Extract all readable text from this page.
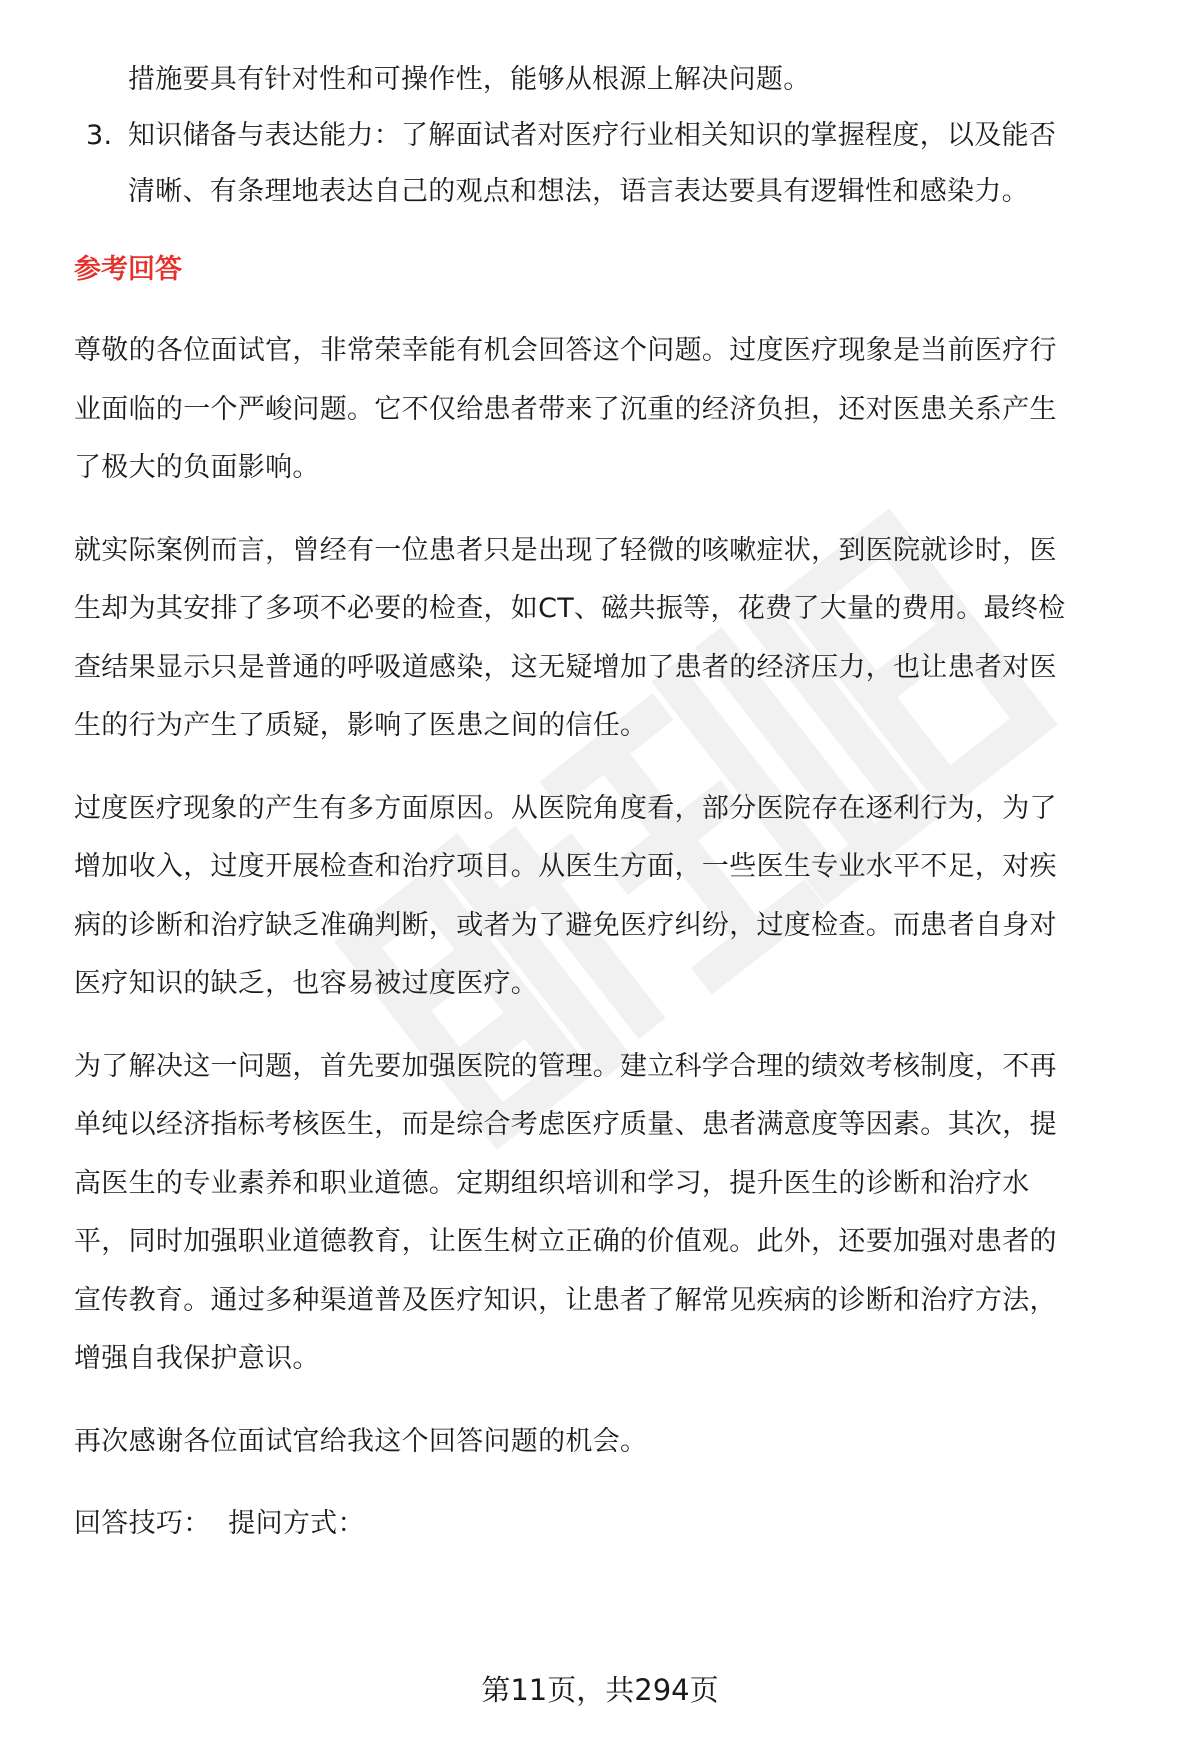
措施要具有针对性和可操作性，能够从根源上解决问题。
3. 知识储备与表达能力：了解面试者对医疗行业相关知识的掌握程度，以及能否
清晰、有条理地表达自己的观点和想法，语言表达要具有逻辑性和感染力。
参考回答
尊敬的各位面试官，非常荣幸能有机会回答这个问题。过度医疗现象是当前医疗行
业面临的一个严峻问题。它不仅给患者带来了沉重的经济负担，还对医患关系产生
了极大的负面影响。
就实际案例而言，曾经有一位患者只是出现了轻微的咳嗽症状，到医院就诊时，医
生却为其安排了多项不必要的检查，如CT、磁共振等，花费了大量的费用。最终检
查结果显示只是普通的呼吸道感染，这无疑增加了患者的经济压力，也让患者对医
生的行为产生了质疑，影响了医患之间的信任。
过度医疗现象的产生有多方面原因。从医院角度看，部分医院存在逐利行为，为了
增加收入，过度开展检查和治疗项目。从医生方面，一些医生专业水平不足，对疾
病的诊断和治疗缺乏准确判断，或者为了避免医疗纠纷，过度检查。而患者自身对
医疗知识的缺乏，也容易被过度医疗。
为了解决这一问题，首先要加强医院的管理。建立科学合理的绩效考核制度，不再
单纯以经济指标考核医生，而是综合考虑医疗质量、患者满意度等因素。其次，提
高医生的专业素养和职业道德。定期组织培训和学习，提升医生的诊断和治疗水
平，同时加强职业道德教育，让医生树立正确的价值观。此外，还要加强对患者的
宣传教育。通过多种渠道普及医疗知识，让患者了解常见疾病的诊断和治疗方法，
增强自我保护意识。
再次感谢各位面试官给我这个回答问题的机会。
回答技巧：  提问方式：
第11页，共294页
